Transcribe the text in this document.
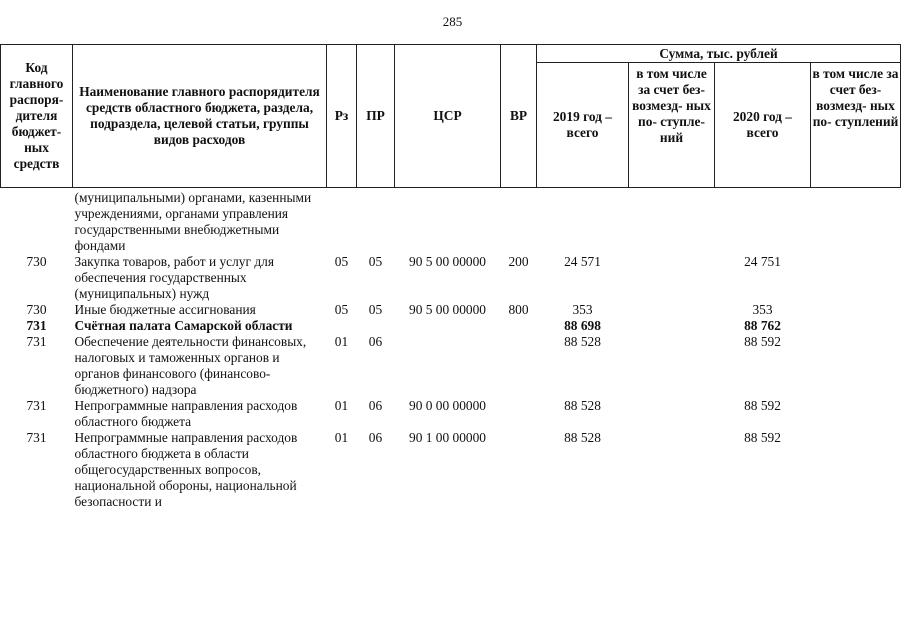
285
Код главного распоря- дителя бюджет- ных средств	Наименование главного распорядителя средств областного бюджета, раздела, подраздела, целевой статьи, группы видов расходов	Рз	ПР	ЦСР	ВР	Сумма, тыс. рублей			
						2019 год – всего	в том числе за счет без- возмезд- ных по- ступле- ний	2020 год – всего	в том числе за счет без- возмезд- ных по- ступлений
	(муниципальными) органами, казенными учреждениями, органами управления государственными внебюджетными фондами								
730	Закупка товаров, работ и услуг для обеспечения государственных (муниципальных) нужд	05	05	90 5 00 00000	200	24 571		24 751	
730	Иные бюджетные ассигнования	05	05	90 5 00 00000	800	353		353	
731	Счётная палата Самарской области					88 698		88 762	
731	Обеспечение деятельности финансовых, налоговых и таможенных органов и органов финансового (финансово-бюджетного) надзора	01	06			88 528		88 592	
731	Непрограммные направления расходов областного бюджета	01	06	90 0 00 00000		88 528		88 592	
731	Непрограммные направления расходов областного бюджета в области общегосударственных вопросов, национальной обороны, национальной безопасности и	01	06	90 1 00 00000		88 528		88 592	
